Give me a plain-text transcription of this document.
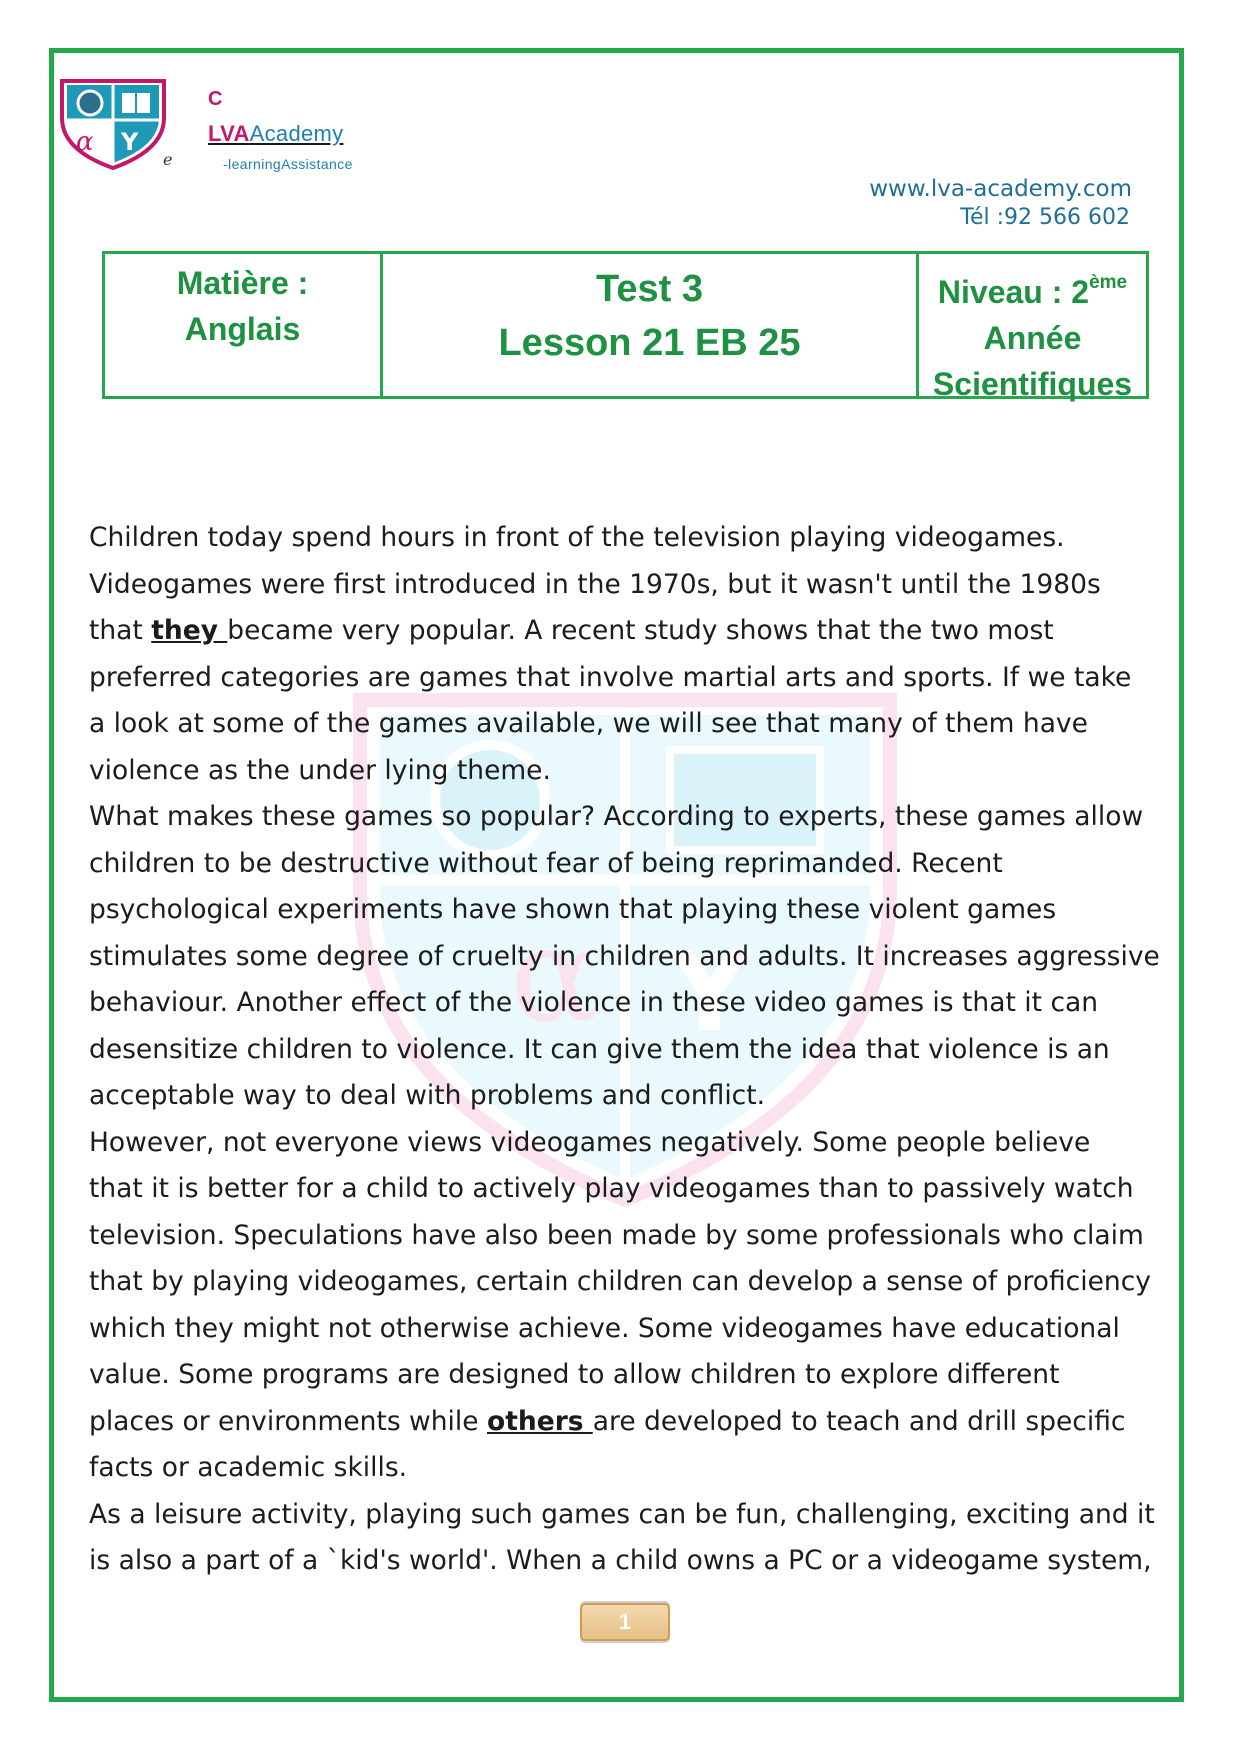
α Y
α Y
e
C
LVAAcademy
-learningAssistance
www.lva-academy.com
Tél :92 566 602
Matière :
Anglais
Test 3
Lesson 21 EB 25
Niveau : 2ème
Année
Scientifiques
Children today spend hours in front of the television playing videogames.
Videogames were first introduced in the 1970s, but it wasn't until the 1980s
that they became very popular. A recent study shows that the two most
preferred categories are games that involve martial arts and sports. If we take
a look at some of the games available, we will see that many of them have
violence as the under lying theme.
What makes these games so popular? According to experts, these games allow
children to be destructive without fear of being reprimanded. Recent
psychological experiments have shown that playing these violent games
stimulates some degree of cruelty in children and adults. It increases aggressive
behaviour. Another effect of the violence in these video games is that it can
desensitize children to violence. It can give them the idea that violence is an
acceptable way to deal with problems and conflict.
However, not everyone views videogames negatively. Some people believe
that it is better for a child to actively play videogames than to passively watch
television. Speculations have also been made by some professionals who claim
that by playing videogames, certain children can develop a sense of proficiency
which they might not otherwise achieve. Some videogames have educational
value. Some programs are designed to allow children to explore different
places or environments while others are developed to teach and drill specific
facts or academic skills.
As a leisure activity, playing such games can be fun, challenging, exciting and it
is also a part of a `kid's world'. When a child owns a PC or a videogame system,
1
